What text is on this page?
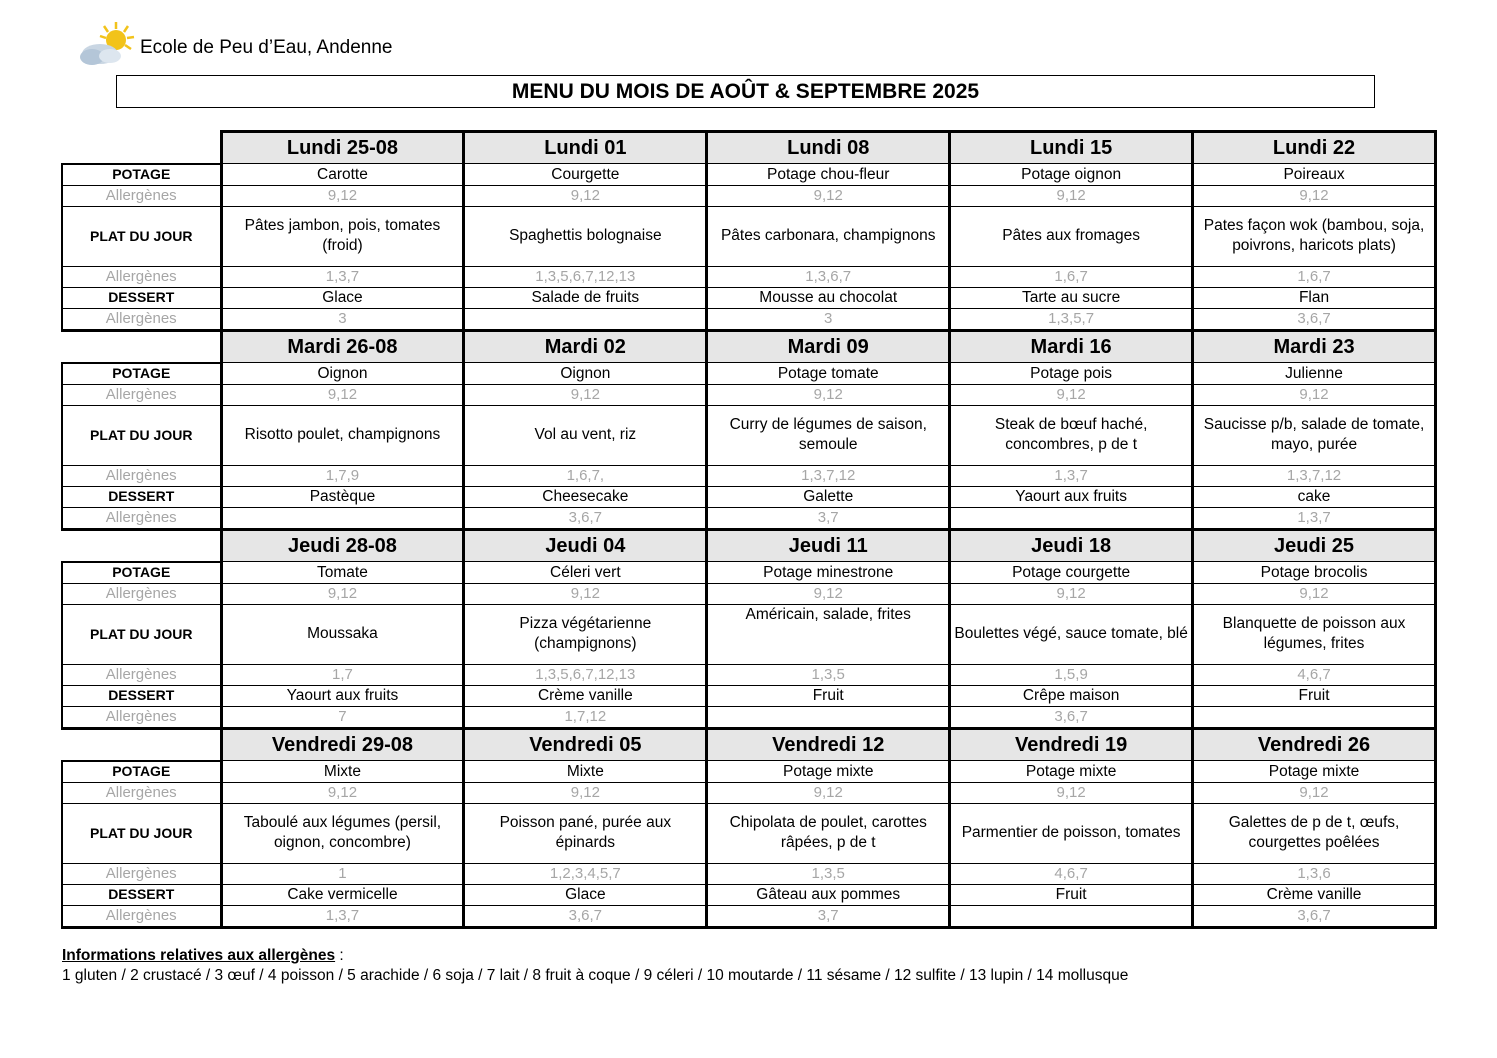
Ecole de Peu d’Eau, Andenne
MENU DU MOIS DE AOÛT & SEPTEMBRE 2025
	Lundi 25-08	Lundi 01	Lundi 08	Lundi 15	Lundi 22
POTAGE	Carotte	Courgette	Potage chou-fleur	Potage oignon	Poireaux
Allergènes	9,12	9,12	9,12	9,12	9,12
PLAT DU JOUR	Pâtes jambon, pois, tomates (froid)	Spaghettis bolognaise	Pâtes carbonara, champignons	Pâtes aux fromages	Pates façon wok (bambou, soja, poivrons, haricots plats)
Allergènes	1,3,7	1,3,5,6,7,12,13	1,3,6,7	1,6,7	1,6,7
DESSERT	Glace	Salade de fruits	Mousse au chocolat	Tarte au sucre	Flan
Allergènes	3		3	1,3,5,7	3,6,7
	Mardi 26-08	Mardi 02	Mardi 09	Mardi 16	Mardi 23
POTAGE	Oignon	Oignon	Potage tomate	Potage pois	Julienne
Allergènes	9,12	9,12	9,12	9,12	9,12
PLAT DU JOUR	Risotto poulet, champignons	Vol au vent, riz	Curry de légumes de saison, semoule	Steak de bœuf haché, concombres, p de t	Saucisse p/b, salade de tomate, mayo, purée
Allergènes	1,7,9	1,6,7,	1,3,7,12	1,3,7	1,3,7,12
DESSERT	Pastèque	Cheesecake	Galette	Yaourt aux fruits	cake
Allergènes		3,6,7	3,7		1,3,7
	Jeudi 28-08	Jeudi 04	Jeudi 11	Jeudi 18	Jeudi 25
POTAGE	Tomate	Céleri vert	Potage minestrone	Potage courgette	Potage brocolis
Allergènes	9,12	9,12	9,12	9,12	9,12
PLAT DU JOUR	Moussaka	Pizza végétarienne (champignons)	Américain, salade, frites	Boulettes végé, sauce tomate, blé	Blanquette de poisson aux légumes, frites
Allergènes	1,7	1,3,5,6,7,12,13	1,3,5	1,5,9	4,6,7
DESSERT	Yaourt aux fruits	Crème vanille	Fruit	Crêpe maison	Fruit
Allergènes	7	1,7,12		3,6,7	
	Vendredi 29-08	Vendredi 05	Vendredi 12	Vendredi 19	Vendredi 26
POTAGE	Mixte	Mixte	Potage mixte	Potage mixte	Potage mixte
Allergènes	9,12	9,12	9,12	9,12	9,12
PLAT DU JOUR	Taboulé aux légumes (persil, oignon, concombre)	Poisson pané, purée aux épinards	Chipolata de poulet, carottes râpées, p de t	Parmentier de poisson, tomates	Galettes de p de t, œufs, courgettes poêlées
Allergènes	1	1,2,3,4,5,7	1,3,5	4,6,7	1,3,6
DESSERT	Cake vermicelle	Glace	Gâteau aux pommes	Fruit	Crème vanille
Allergènes	1,3,7	3,6,7	3,7		3,6,7
Informations relatives aux allergènes :
1 gluten / 2 crustacé / 3 œuf / 4 poisson / 5 arachide / 6 soja / 7 lait / 8 fruit à coque / 9 céleri / 10 moutarde / 11 sésame / 12 sulfite / 13 lupin / 14 mollusque
